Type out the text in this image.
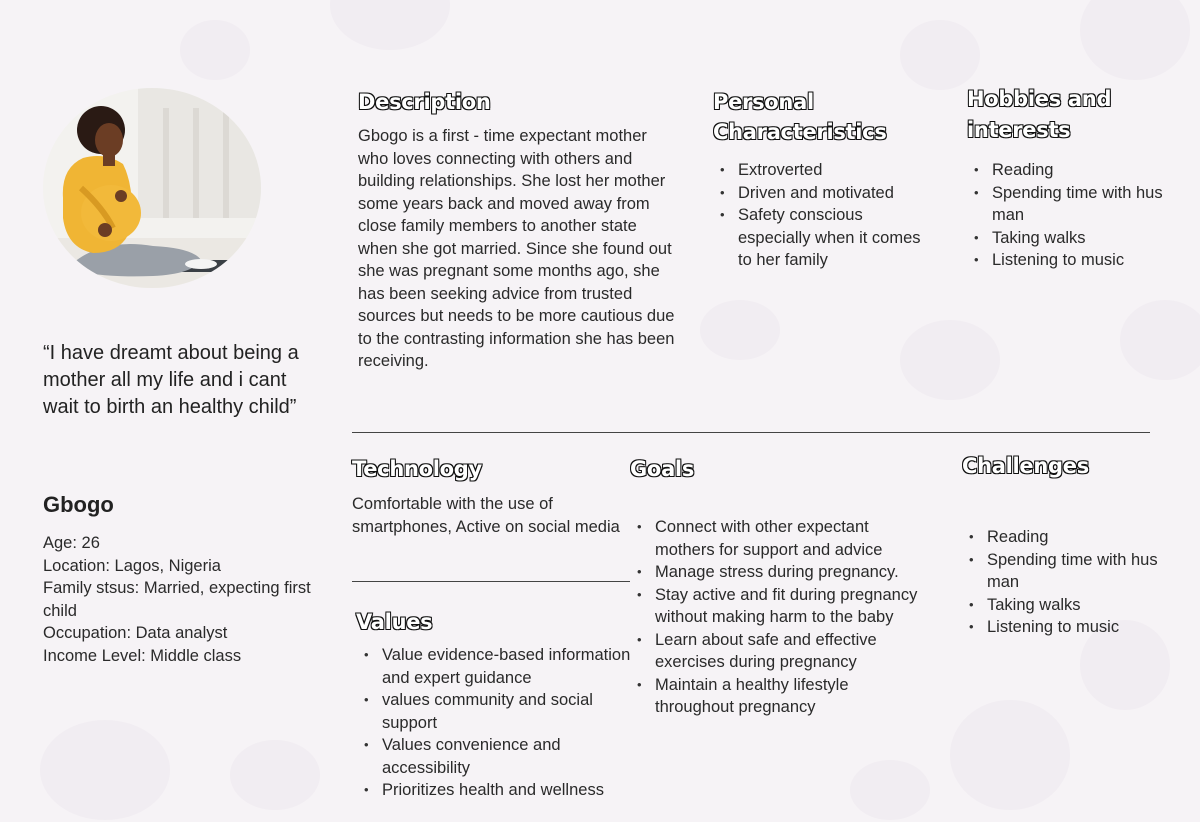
“I have dreamt about being a mother all my life and i cant wait to birth an healthy child”
Gbogo
Age: 26
Location: Lagos, Nigeria
Family stsus: Married, expecting first child
Occupation: Data analyst
Income Level: Middle class
Description
Gbogo is a first - time expectant mother who loves connecting with others and building relationships. She lost her mother some years back and moved away from close family members to another state when she got married. Since she found out she was pregnant some months ago, she has been seeking advice from trusted sources but needs to be more cautious due to the contrasting information she has been receiving.
Personal
Characteristics
• Extroverted
• Driven and motivated
• Safety conscious especially when it comes to her family
Hobbies and
interests
• Reading
• Spending time with hus man
• Taking walks
• Listening to music
Technology
Comfortable with the use of smartphones, Active on social media
Values
• Value evidence-based information and expert guidance
• values community and social support
• Values convenience and accessibility
• Prioritizes health and wellness
Goals
• Connect with other expectant mothers for support and advice
• Manage stress during pregnancy.
• Stay active and fit during pregnancy without making harm to the baby
• Learn about safe and effective exercises during pregnancy
• Maintain a healthy lifestyle throughout pregnancy
Challenges
• Reading
• Spending time with hus man
• Taking walks
• Listening to music
